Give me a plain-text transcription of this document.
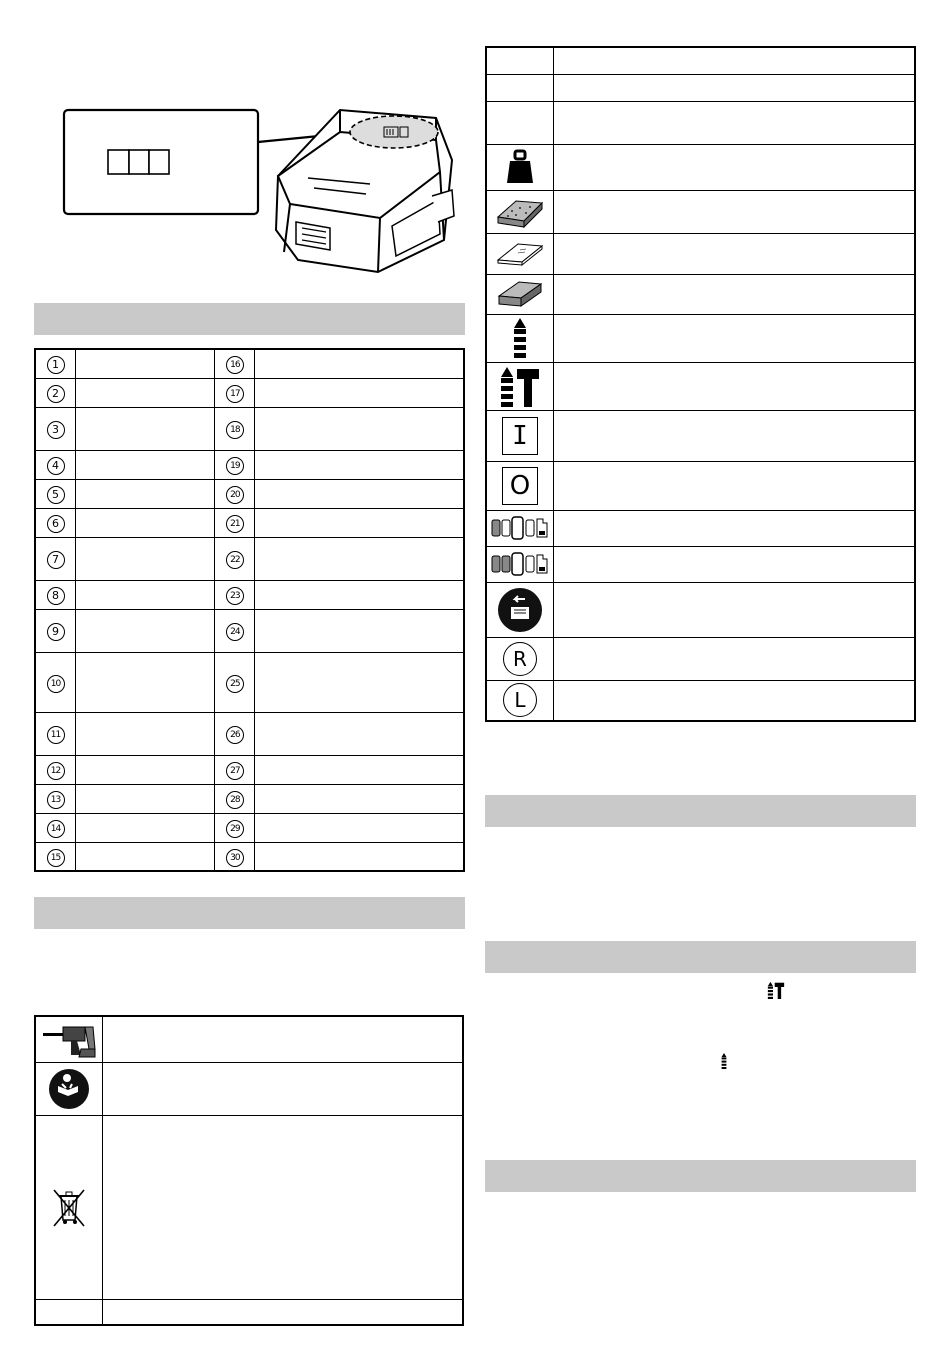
1		16	
2		17	
3		18	
4		19	
5		20	
6		21	
7		22	
8		23	
9		24	
10		25	
11		26	
12		27	
13		28	
14		29	
15		30	

I	
O	

R	
L	
